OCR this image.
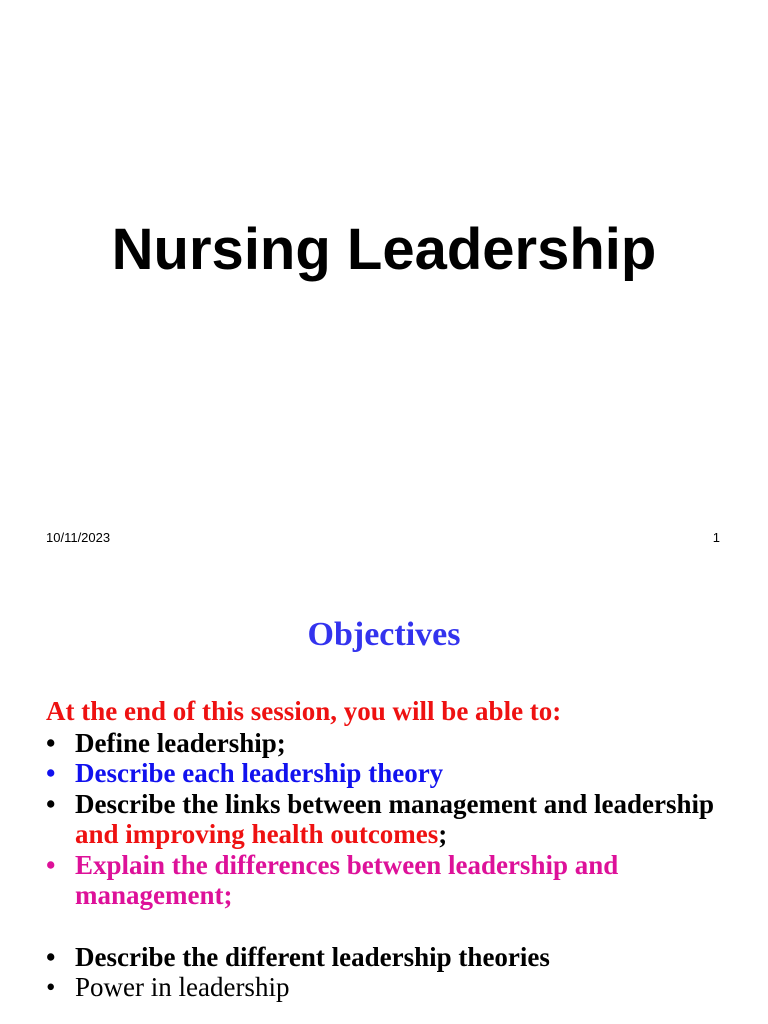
Nursing Leadership
10/11/2023	1
Objectives
At the end of this session, you will be able to:
• Define leadership;
• Describe each leadership theory
• Describe the links between management and leadership and improving health outcomes;
• Explain the differences between leadership and management;
• Describe the different leadership theories
• Power in leadership
